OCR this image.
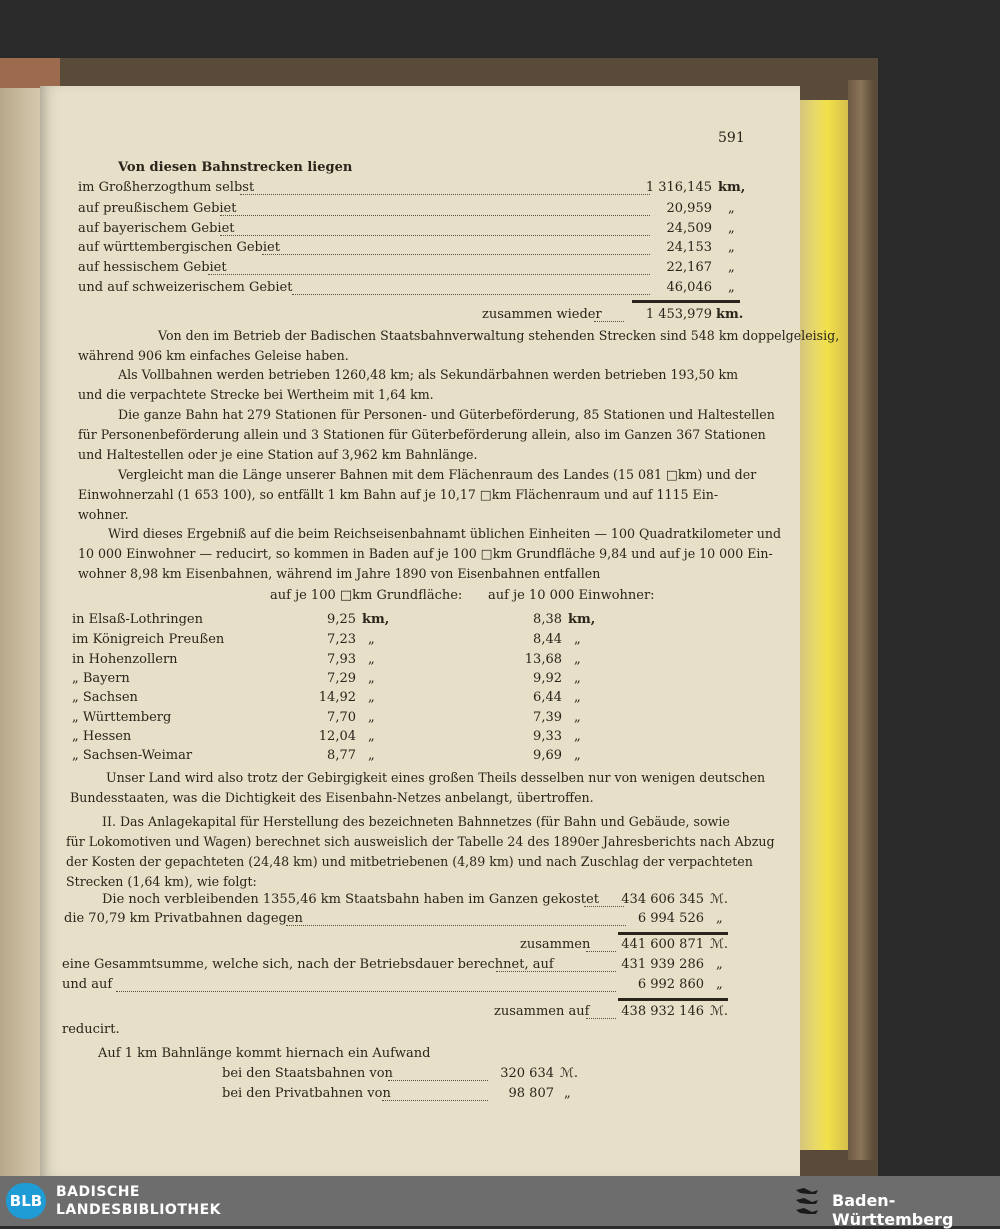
591
Von diesen Bahnstrecken liegen
im Großherzogthum selbst	1 316,145 km,
auf preußischem Gebiet	20,959 „
auf bayerischem Gebiet	24,509 „
auf württembergischen Gebiet	24,153 „
auf hessischem Gebiet	22,167 „
und auf schweizerischem Gebiet	46,046 „
zusammen wieder	1 453,979 km.
Von den im Betrieb der Badischen Staatsbahnverwaltung stehenden Strecken sind 548 km doppelgeleisig,
während 906 km einfaches Geleise haben.
Als Vollbahnen werden betrieben 1260,48 km; als Sekundärbahnen werden betrieben 193,50 km
und die verpachtete Strecke bei Wertheim mit 1,64 km.
Die ganze Bahn hat 279 Stationen für Personen- und Güterbeförderung, 85 Stationen und Haltestellen
für Personenbeförderung allein und 3 Stationen für Güterbeförderung allein, also im Ganzen 367 Stationen
und Haltestellen oder je eine Station auf 3,962 km Bahnlänge.
Vergleicht man die Länge unserer Bahnen mit dem Flächenraum des Landes (15 081 □km) und der
Einwohnerzahl (1 653 100), so entfällt 1 km Bahn auf je 10,17 □km Flächenraum und auf 1115 Ein-
wohner.
Wird dieses Ergebniß auf die beim Reichseisenbahnamt üblichen Einheiten — 100 Quadratkilometer und
10 000 Einwohner — reducirt, so kommen in Baden auf je 100 □km Grundfläche 9,84 und auf je 10 000 Ein-
wohner 8,98 km Eisenbahnen, während im Jahre 1890 von Eisenbahnen entfallen
auf je 100 □km Grundfläche: auf je 10 000 Einwohner:
in Elsaß-Lothringen	9,25 km,	8,38 km,
im Königreich Preußen	7,23 „	8,44 „
in Hohenzollern	7,93 „	13,68 „
„ Bayern	7,29 „	9,92 „
„ Sachsen	14,92 „	6,44 „
„ Württemberg	7,70 „	7,39 „
„ Hessen	12,04 „	9,33 „
„ Sachsen-Weimar	8,77 „	9,69 „
Unser Land wird also trotz der Gebirgigkeit eines großen Theils desselben nur von wenigen deutschen
Bundesstaaten, was die Dichtigkeit des Eisenbahn-Netzes anbelangt, übertroffen.
II. Das Anlagekapital für Herstellung des bezeichneten Bahnnetzes (für Bahn und Gebäude, sowie
für Lokomotiven und Wagen) berechnet sich ausweislich der Tabelle 24 des 1890er Jahresberichts nach Abzug
der Kosten der gepachteten (24,48 km) und mitbetriebenen (4,89 km) und nach Zuschlag der verpachteten
Strecken (1,64 km), wie folgt:
Die noch verbleibenden 1355,46 km Staatsbahn haben im Ganzen gekostet	434 606 345 ℳ.
die 70,79 km Privatbahnen dagegen	6 994 526 „
zusammen	441 600 871 ℳ.
eine Gesammtsumme, welche sich, nach der Betriebsdauer berechnet, auf	431 939 286 „
und auf	6 992 860 „
zusammen auf	438 932 146 ℳ.
reducirt.
Auf 1 km Bahnlänge kommt hiernach ein Aufwand
bei den Staatsbahnen von	320 634 ℳ.
bei den Privatbahnen von	98 807 „
BLB BADISCHE
LANDESBIBLIOTHEK	Baden-Württemberg
